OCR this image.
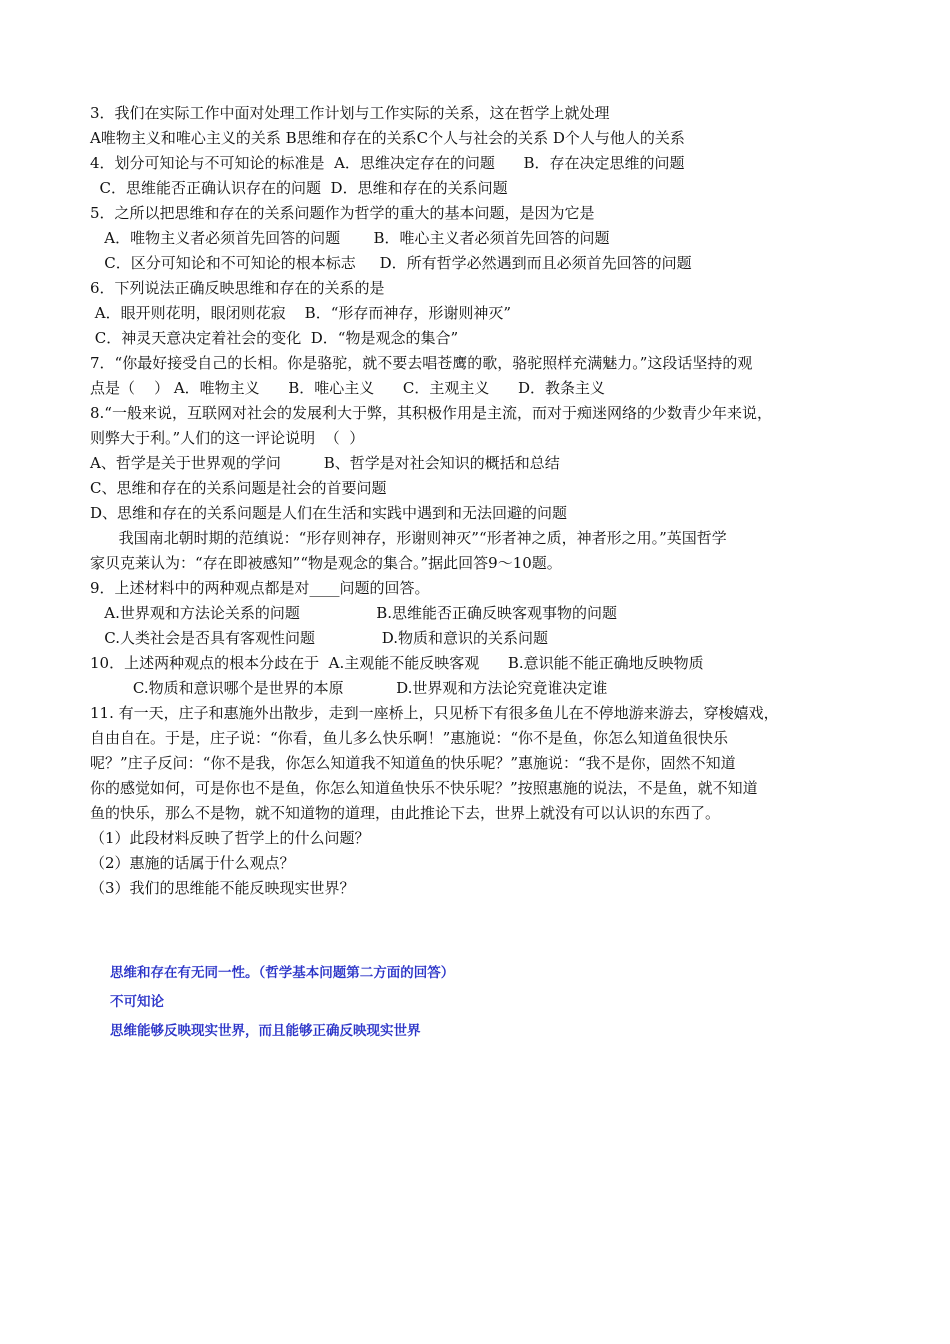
3．我们在实际工作中面对处理工作计划与工作实际的关系，这在哲学上就处理
A唯物主义和唯心主义的关系 B思维和存在的关系C个人与社会的关系 D个人与他人的关系
4．划分可知论与不可知论的标准是  A．思维决定存在的问题      B．存在决定思维的问题
C．思维能否正确认识存在的问题  D．思维和存在的关系问题
5．之所以把思维和存在的关系问题作为哲学的重大的基本问题，是因为它是
A．唯物主义者必须首先回答的问题       B．唯心主义者必须首先回答的问题
C．区分可知论和不可知论的根本标志     D．所有哲学必然遇到而且必须首先回答的问题
6．下列说法正确反映思维和存在的关系的是
A．眼开则花明，眼闭则花寂    B．“形存而神存，形谢则神灭”
C．神灵天意决定着社会的变化  D．“物是观念的集合”
7．“你最好接受自己的长相。你是骆驼，就不要去唱苍鹰的歌，骆驼照样充满魅力。”这段话坚持的观
点是（    ） A．唯物主义      B．唯心主义      C．主观主义      D．教条主义
8.“一般来说，互联网对社会的发展利大于弊，其积极作用是主流，而对于痴迷网络的少数青少年来说，
则弊大于利。”人们的这一评论说明  （  ）
A、哲学是关于世界观的学问         B、哲学是对社会知识的概括和总结
C、思维和存在的关系问题是社会的首要问题
D、思维和存在的关系问题是人们在生活和实践中遇到和无法回避的问题
我国南北朝时期的范缜说：“形存则神存，形谢则神灭”“形者神之质，神者形之用。”英国哲学
家贝克莱认为：“存在即被感知”“物是观念的集合。”据此回答9～10题。
9．上述材料中的两种观点都是对____问题的回答。
A.世界观和方法论关系的问题                B.思维能否正确反映客观事物的问题
C.人类社会是否具有客观性问题              D.物质和意识的关系问题
10．上述两种观点的根本分歧在于  A.主观能不能反映客观      B.意识能不能正确地反映物质
C.物质和意识哪个是世界的本原           D.世界观和方法论究竟谁决定谁
11. 有一天，庄子和惠施外出散步，走到一座桥上，只见桥下有很多鱼儿在不停地游来游去，穿梭嬉戏，
自由自在。于是，庄子说：“你看，鱼儿多么快乐啊！”惠施说：“你不是鱼，你怎么知道鱼很快乐
呢？”庄子反问：“你不是我，你怎么知道我不知道鱼的快乐呢？”惠施说：“我不是你，固然不知道
你的感觉如何，可是你也不是鱼，你怎么知道鱼快乐不快乐呢？”按照惠施的说法，不是鱼，就不知道
鱼的快乐，那么不是物，就不知道物的道理，由此推论下去，世界上就没有可以认识的东西了。
（1）此段材料反映了哲学上的什么问题？
（2）惠施的话属于什么观点？
（3）我们的思维能不能反映现实世界？
思维和存在有无同一性。（哲学基本问题第二方面的回答）
不可知论
思维能够反映现实世界，而且能够正确反映现实世界
